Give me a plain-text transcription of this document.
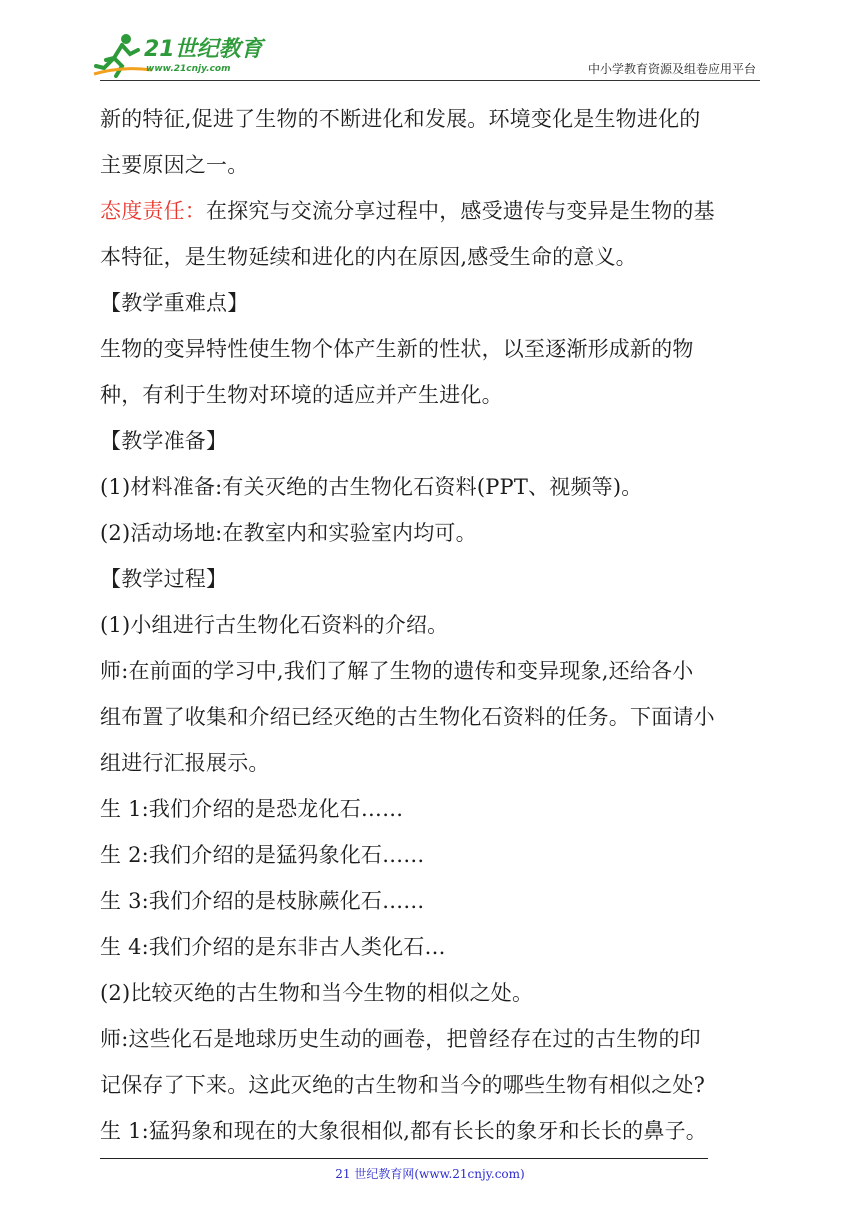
21世纪教育
www.21cnjy.com	中小学教育资源及组卷应用平台
新的特征,促进了生物的不断进化和发展。环境变化是生物进化的
主要原因之一。
态度责任：在探究与交流分享过程中，感受遗传与变异是生物的基
本特征，是生物延续和进化的内在原因,感受生命的意义。
【教学重难点】
生物的变异特性使生物个体产生新的性状，以至逐渐形成新的物
种，有利于生物对环境的适应并产生进化。
【教学准备】
(1)材料准备:有关灭绝的古生物化石资料(PPT、视频等)。
(2)活动场地:在教室内和实验室内均可。
【教学过程】
(1)小组进行古生物化石资料的介绍。
师:在前面的学习中,我们了解了生物的遗传和变异现象,还给各小
组布置了收集和介绍已经灭绝的古生物化石资料的任务。下面请小
组进行汇报展示。
生 1:我们介绍的是恐龙化石……
生 2:我们介绍的是猛犸象化石……
生 3:我们介绍的是枝脉蕨化石……
生 4:我们介绍的是东非古人类化石…
(2)比较灭绝的古生物和当今生物的相似之处。
师:这些化石是地球历史生动的画卷，把曾经存在过的古生物的印
记保存了下来。这此灭绝的古生物和当今的哪些生物有相似之处?
生 1:猛犸象和现在的大象很相似,都有长长的象牙和长长的鼻子。
21 世纪教育网(www.21cnjy.com)
